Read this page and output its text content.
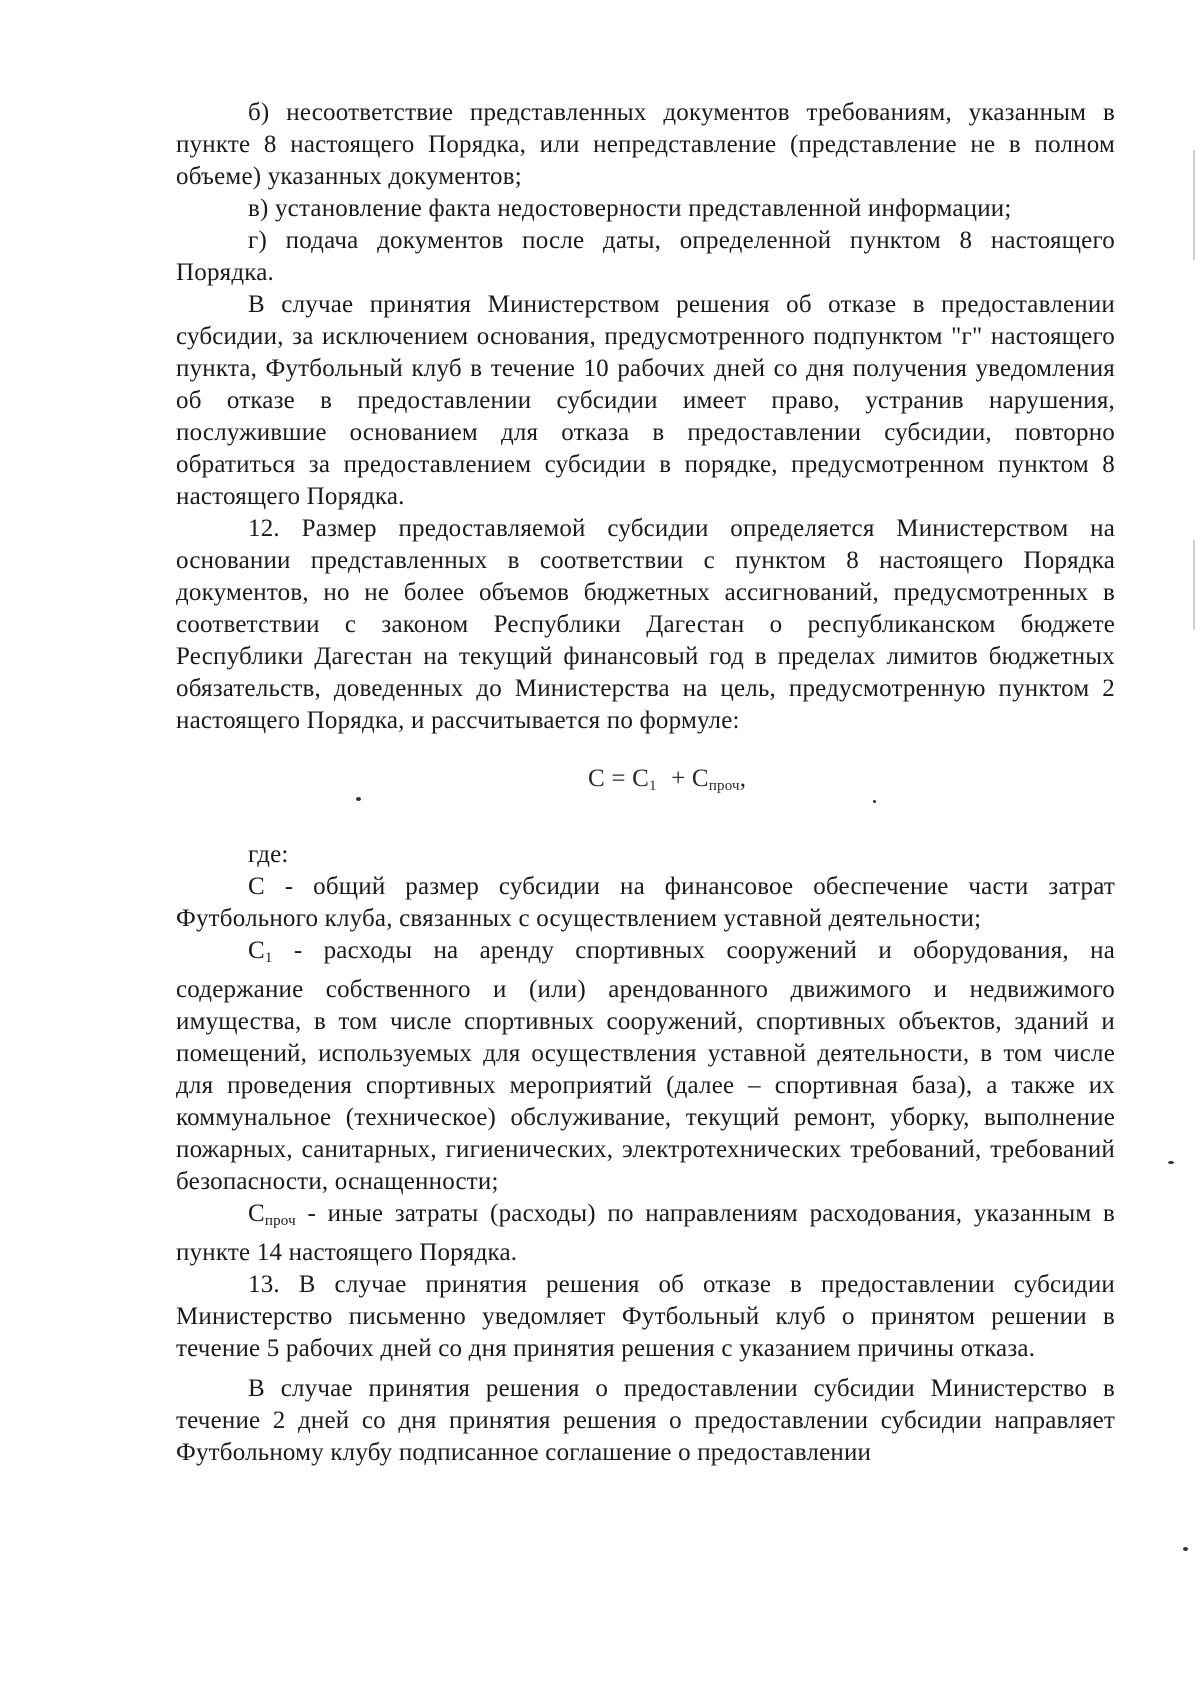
б) несоответствие представленных документов требованиям, указанным в пункте 8 настоящего Порядка, или непредставление (представление не в полном объеме) указанных документов;

в) установление факта недостоверности представленной информации;

г) подача документов после даты, определенной пунктом 8 настоящего Порядка.

В случае принятия Министерством решения об отказе в предоставлении субсидии, за исключением основания, предусмотренного подпунктом "г" настоящего пункта, Футбольный клуб в течение 10 рабочих дней со дня получения уведомления об отказе в предоставлении субсидии имеет право, устранив нарушения, послужившие основанием для отказа в предоставлении субсидии, повторно обратиться за предоставлением субсидии в порядке, предусмотренном пунктом 8 настоящего Порядка.

12. Размер предоставляемой субсидии определяется Министерством на основании представленных в соответствии с пунктом 8 настоящего Порядка документов, но не более объемов бюджетных ассигнований, предусмотренных в соответствии с законом Республики Дагестан о республиканском бюджете Республики Дагестан на текущий финансовый год в пределах лимитов бюджетных обязательств, доведенных до Министерства на цель, предусмотренную пунктом 2 настоящего Порядка, и рассчитывается по формуле:

$С = С_1 + С_{проч}$,

где:

С - общий размер субсидии на финансовое обеспечение части затрат Футбольного клуба, связанных с осуществлением уставной деятельности;

$С_1$ - расходы на аренду спортивных сооружений и оборудования, на содержание собственного и (или) арендованного движимого и недвижимого имущества, в том числе спортивных сооружений, спортивных объектов, зданий и помещений, используемых для осуществления уставной деятельности, в том числе для проведения спортивных мероприятий (далее – спортивная база), а также их коммунальное (техническое) обслуживание, текущий ремонт, уборку, выполнение пожарных, санитарных, гигиенических, электротехнических требований, требований безопасности, оснащенности;

$С_{проч}$ - иные затраты (расходы) по направлениям расходования, указанным в пункте 14 настоящего Порядка.

13. В случае принятия решения об отказе в предоставлении субсидии Министерство письменно уведомляет Футбольный клуб о принятом решении в течение 5 рабочих дней со дня принятия решения с указанием причины отказа.

В случае принятия решения о предоставлении субсидии Министерство в течение 2 дней со дня принятия решения о предоставлении субсидии направляет Футбольному клубу подписанное соглашение о предоставлении
